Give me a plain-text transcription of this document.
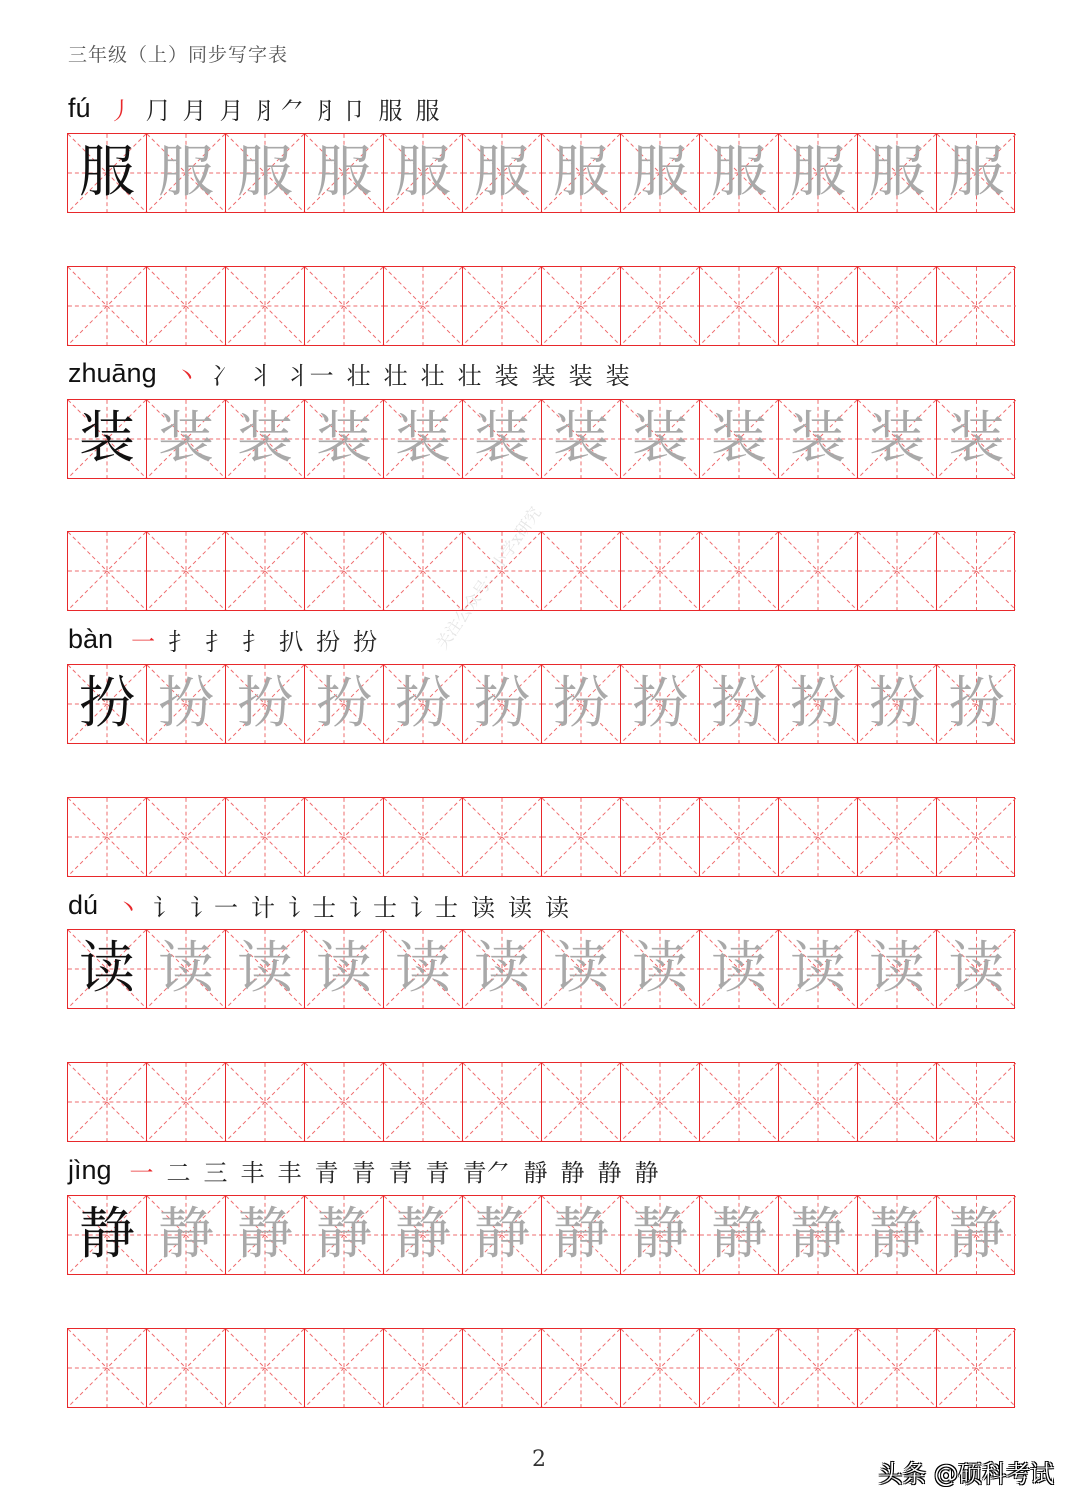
三年级（上）同步写字表
fú 丿 ⺆ 月 月 ⺼⺈ ⺼卩 服 服
服 服 服 服 服 服 服 服 服 服 服 服
zhuāng 丶 冫 丬 丬一 壮 壮 壮 壮 装 装 装 装
装 装 装 装 装 装 装 装 装 装 装 装
bàn 一 扌 扌 扌 扒 扮 扮
扮 扮 扮 扮 扮 扮 扮 扮 扮 扮 扮 扮
dú 丶 讠 讠一 计 讠士 讠士 讠士 读 读 读
读 读 读 读 读 读 读 读 读 读 读 读
jìng 一 二 三 丰 丰 青 青 青 青 青⺈ 靜 静 静 静
静 静 静 静 静 静 静 静 静 静 静 静
关注公众号：小学x研究
2
头条 @硕科考试
